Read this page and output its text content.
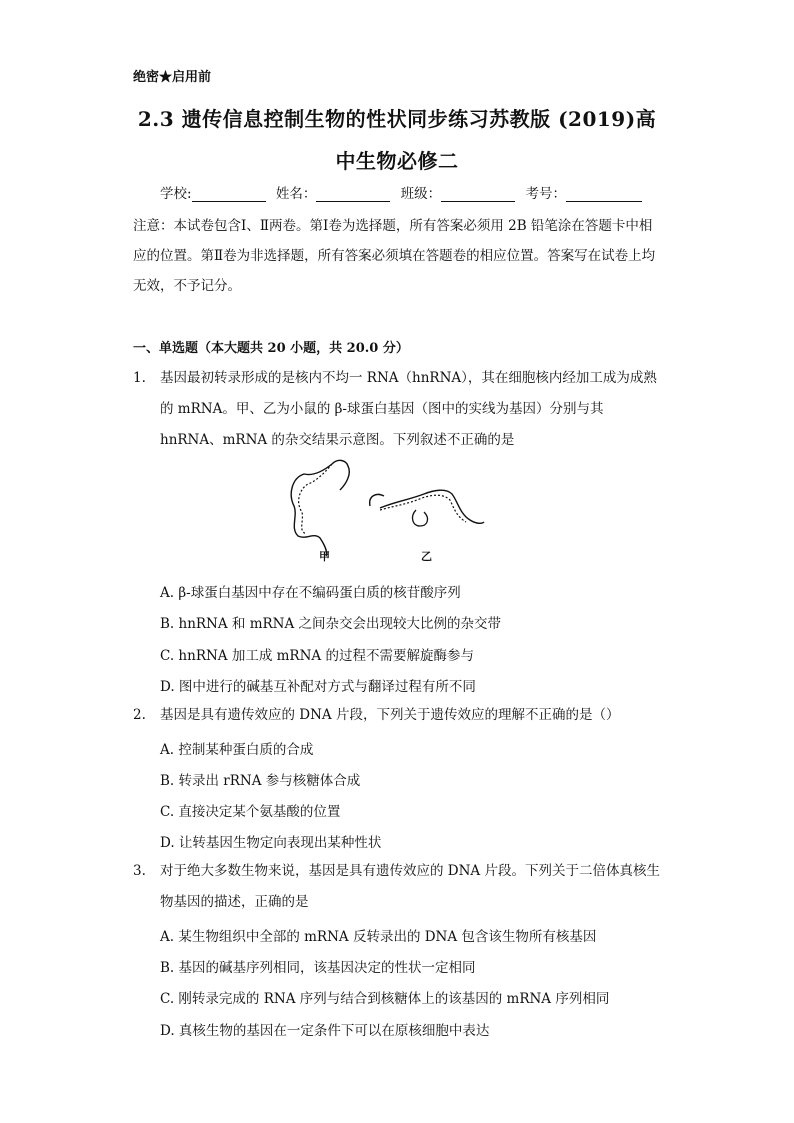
绝密★启用前
2.3 遗传信息控制生物的性状同步练习苏教版 (2019)高
中生物必修二
学校:	姓名：	班级：	考号：
注意：本试卷包含Ⅰ、Ⅱ两卷。第Ⅰ卷为选择题，所有答案必须用 2B 铅笔涂在答题卡中相应的位置。第Ⅱ卷为非选择题，所有答案必须填在答题卷的相应位置。答案写在试卷上均无效，不予记分。
一、单选题（本大题共 20 小题，共 20.0 分）
1. 基因最初转录形成的是核内不均一 RNA（hnRNA），其在细胞核内经加工成为成熟的 mRNA。甲、乙为小鼠的 β-球蛋白基因（图中的实线为基因）分别与其 hnRNA、mRNA 的杂交结果示意图。下列叙述不正确的是
甲	乙
A. β-球蛋白基因中存在不编码蛋白质的核苷酸序列
B. hnRNA 和 mRNA 之间杂交会出现较大比例的杂交带
C. hnRNA 加工成 mRNA 的过程不需要解旋酶参与
D. 图中进行的碱基互补配对方式与翻译过程有所不同
2. 基因是具有遗传效应的 DNA 片段，下列关于遗传效应的理解不正确的是（）
A. 控制某种蛋白质的合成
B. 转录出 rRNA 参与核糖体合成
C. 直接决定某个氨基酸的位置
D. 让转基因生物定向表现出某种性状
3. 对于绝大多数生物来说，基因是具有遗传效应的 DNA 片段。下列关于二倍体真核生物基因的描述，正确的是
A. 某生物组织中全部的 mRNA 反转录出的 DNA 包含该生物所有核基因
B. 基因的碱基序列相同，该基因决定的性状一定相同
C. 刚转录完成的 RNA 序列与结合到核糖体上的该基因的 mRNA 序列相同
D. 真核生物的基因在一定条件下可以在原核细胞中表达
